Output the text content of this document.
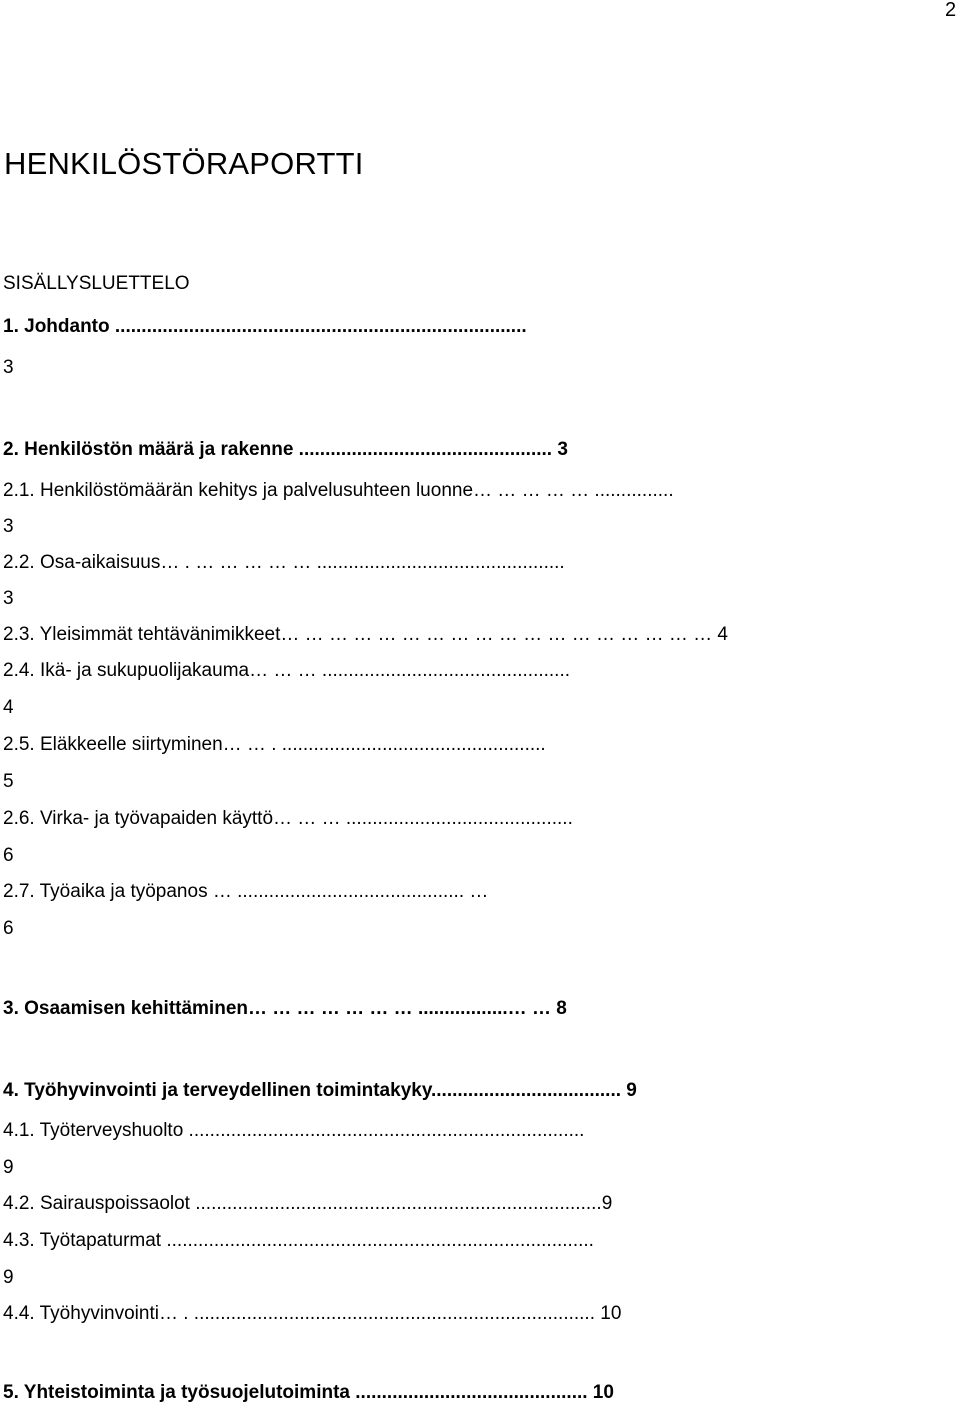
2
HENKILÖSTÖRAPORTTI
SISÄLLYSLUETTELO
1. Johdanto ..............................................................................
3
2. Henkilöstön määrä ja rakenne ................................................ 3
2.1. Henkilöstömäärän kehitys ja palvelusuhteen luonne… … … … … ...............
3
2.2. Osa-aikaisuus… . … … … … … ...............................................
3
2.3. Yleisimmät tehtävänimikkeet… … … … … … … … … … … … … … … … … … 4
2.4. Ikä- ja sukupuolijakauma… … … ...............................................
4
2.5. Eläkkeelle siirtyminen… … . ..................................................
5
2.6. Virka- ja työvapaiden käyttö… … … ...........................................
6
2.7. Työaika ja työpanos … ........................................... …
6
3. Osaamisen kehittäminen… … … … … … … .................… … 8
4. Työhyvinvointi ja terveydellinen toimintakyky.................................... 9
4.1. Työterveyshuolto ...........................................................................
9
4.2. Sairauspoissaolot .............................................................................9
4.3. Työtapaturmat .................................................................................
9
4.4. Työhyvinvointi… . ............................................................................ 10
5. Yhteistoiminta ja työsuojelutoiminta ............................................ 10
